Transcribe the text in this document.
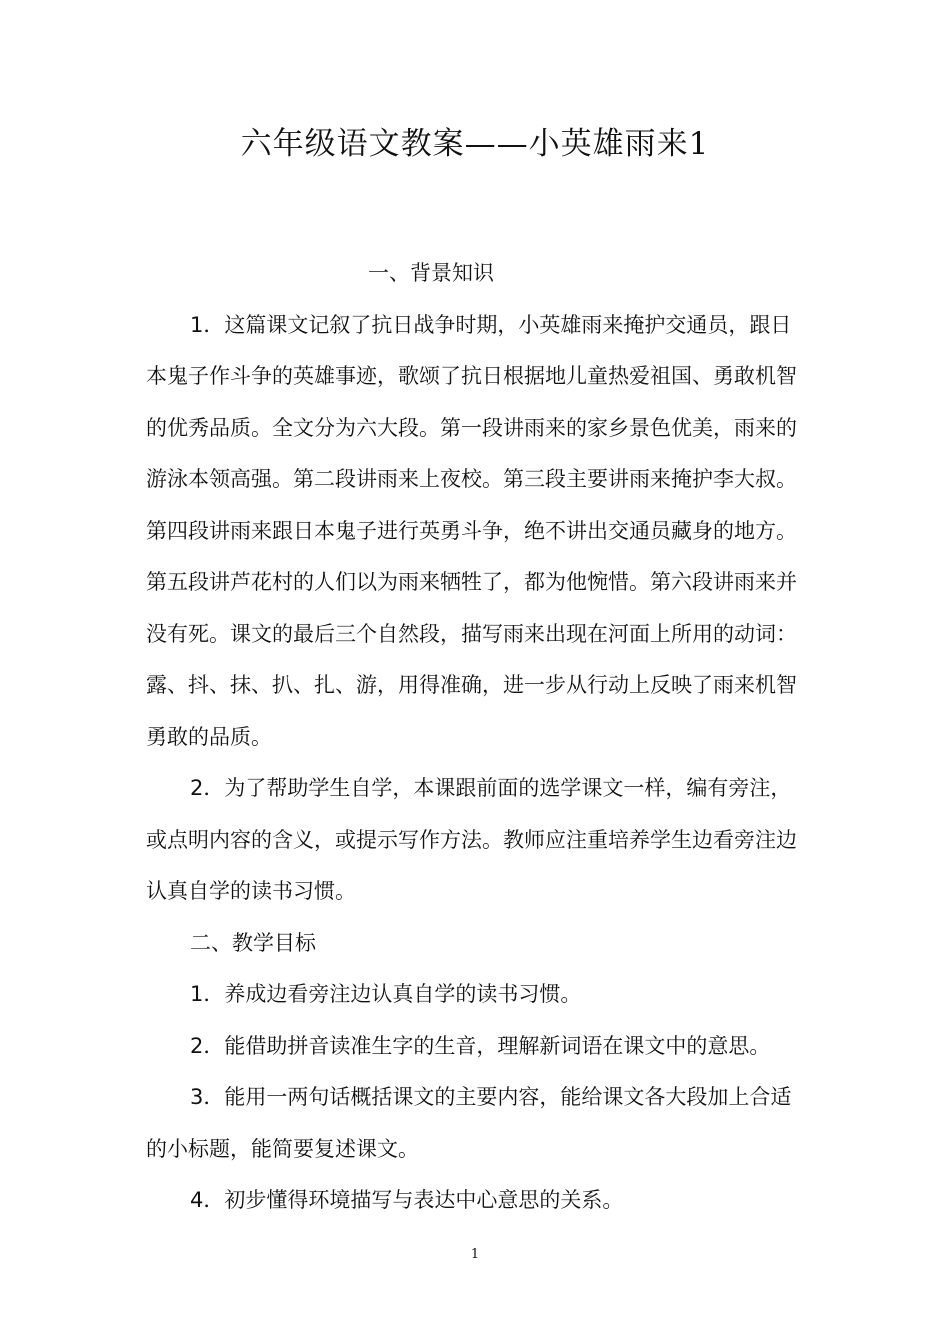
六年级语文教案——小英雄雨来1

一、背景知识

1．这篇课文记叙了抗日战争时期，小英雄雨来掩护交通员，跟日本鬼子作斗争的英雄事迹，歌颂了抗日根据地儿童热爱祖国、勇敢机智的优秀品质。全文分为六大段。第一段讲雨来的家乡景色优美，雨来的游泳本领高强。第二段讲雨来上夜校。第三段主要讲雨来掩护李大叔。第四段讲雨来跟日本鬼子进行英勇斗争，绝不讲出交通员藏身的地方。第五段讲芦花村的人们以为雨来牺牲了，都为他惋惜。第六段讲雨来并没有死。课文的最后三个自然段，描写雨来出现在河面上所用的动词：露、抖、抹、扒、扎、游，用得准确，进一步从行动上反映了雨来机智勇敢的品质。

2．为了帮助学生自学，本课跟前面的选学课文一样，编有旁注，或点明内容的含义，或提示写作方法。教师应注重培养学生边看旁注边认真自学的读书习惯。

二、教学目标

1．养成边看旁注边认真自学的读书习惯。

2．能借助拼音读准生字的生音，理解新词语在课文中的意思。

3．能用一两句话概括课文的主要内容，能给课文各大段加上合适的小标题，能简要复述课文。

4．初步懂得环境描写与表达中心意思的关系。

1
